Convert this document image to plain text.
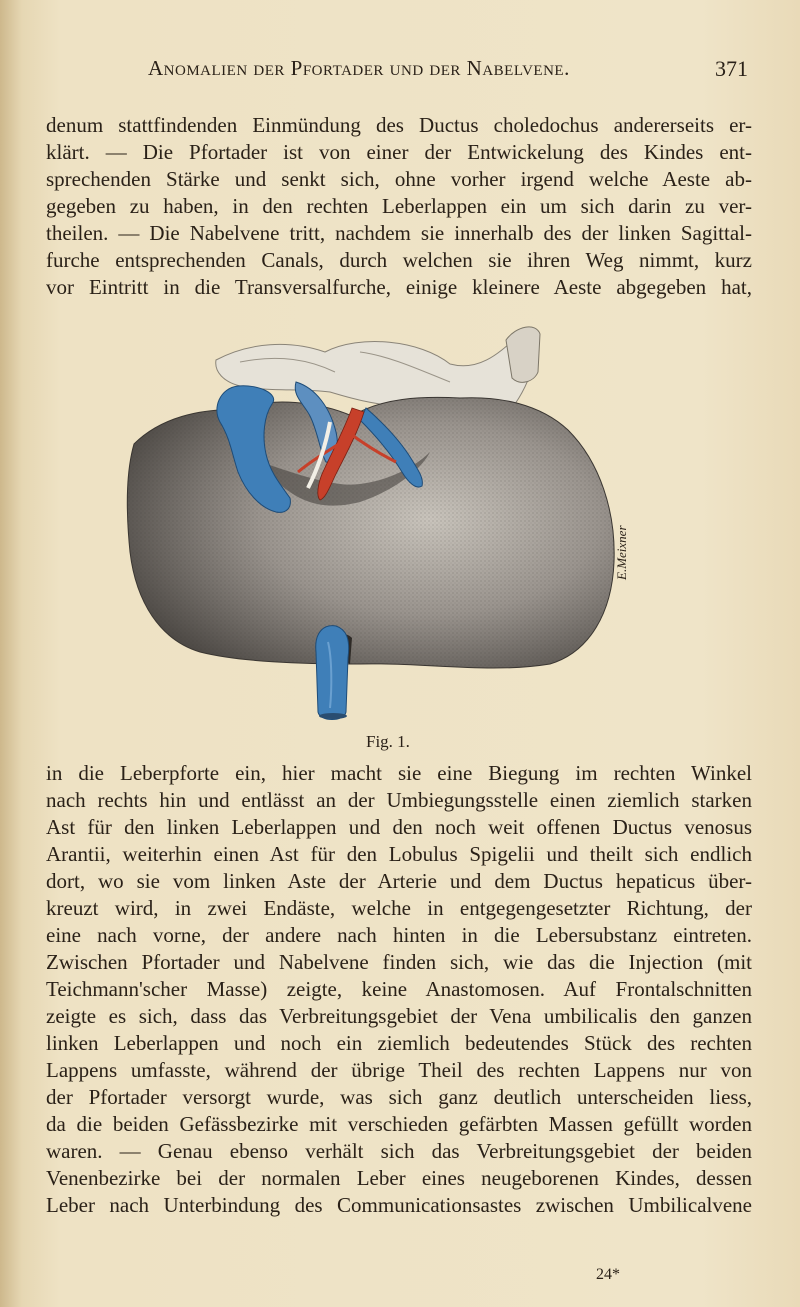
Anomalien der Pfortader und der Nabelvene.	371

denum stattfindenden Einmündung des Ductus choledochus andererseits er-
klärt. — Die Pfortader ist von einer der Entwickelung des Kindes ent-
sprechenden Stärke und senkt sich, ohne vorher irgend welche Aeste ab-
gegeben zu haben, in den rechten Leberlappen ein um sich darin zu ver-
theilen. — Die Nabelvene tritt, nachdem sie innerhalb des der linken Sagittal-
furche entsprechenden Canals, durch welchen sie ihren Weg nimmt, kurz
vor Eintritt in die Transversalfurche, einige kleinere Aeste abgegeben hat,

E.Meixner
Fig. 1.

in die Leberpforte ein, hier macht sie eine Biegung im rechten Winkel
nach rechts hin und entlässt an der Umbiegungsstelle einen ziemlich starken
Ast für den linken Leberlappen und den noch weit offenen Ductus venosus
Arantii, weiterhin einen Ast für den Lobulus Spigelii und theilt sich endlich
dort, wo sie vom linken Aste der Arterie und dem Ductus hepaticus über-
kreuzt wird, in zwei Endäste, welche in entgegengesetzter Richtung, der
eine nach vorne, der andere nach hinten in die Lebersubstanz eintreten.
Zwischen Pfortader und Nabelvene finden sich, wie das die Injection (mit
Teichmann'scher Masse) zeigte, keine Anastomosen. Auf Frontalschnitten
zeigte es sich, dass das Verbreitungsgebiet der Vena umbilicalis den ganzen
linken Leberlappen und noch ein ziemlich bedeutendes Stück des rechten
Lappens umfasste, während der übrige Theil des rechten Lappens nur von
der Pfortader versorgt wurde, was sich ganz deutlich unterscheiden liess,
da die beiden Gefässbezirke mit verschieden gefärbten Massen gefüllt worden
waren. — Genau ebenso verhält sich das Verbreitungsgebiet der beiden
Venenbezirke bei der normalen Leber eines neugeborenen Kindes, dessen
Leber nach Unterbindung des Communicationsastes zwischen Umbilicalvene

24*
